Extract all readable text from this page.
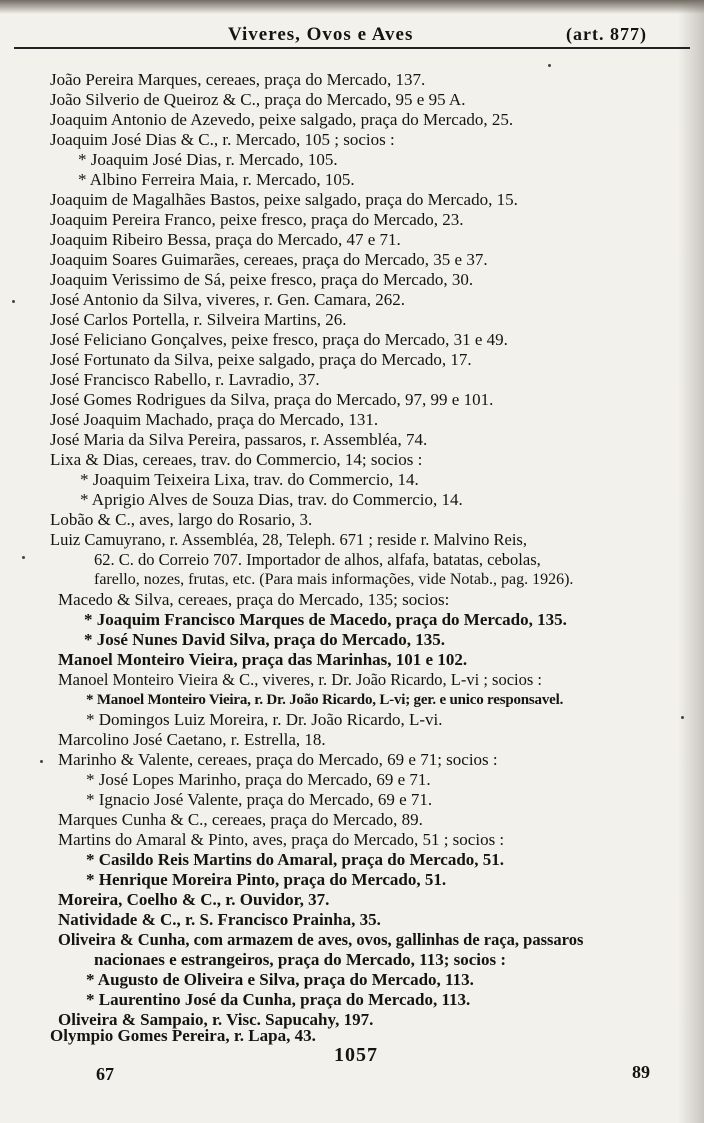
Viveres, Ovos e Aves	(art. 877)
João Pereira Marques, cereaes, praça do Mercado, 137.
João Silverio de Queiroz & C., praça do Mercado, 95 e 95 A.
Joaquim Antonio de Azevedo, peixe salgado, praça do Mercado, 25.
Joaquim José Dias & C., r. Mercado, 105 ; socios :
* Joaquim José Dias, r. Mercado, 105.
* Albino Ferreira Maia, r. Mercado, 105.
Joaquim de Magalhães Bastos, peixe salgado, praça do Mercado, 15.
Joaquim Pereira Franco, peixe fresco, praça do Mercado, 23.
Joaquim Ribeiro Bessa, praça do Mercado, 47 e 71.
Joaquim Soares Guimarães, cereaes, praça do Mercado, 35 e 37.
Joaquim Verissimo de Sá, peixe fresco, praça do Mercado, 30.
José Antonio da Silva, viveres, r. Gen. Camara, 262.
José Carlos Portella, r. Silveira Martins, 26.
José Feliciano Gonçalves, peixe fresco, praça do Mercado, 31 e 49.
José Fortunato da Silva, peixe salgado, praça do Mercado, 17.
José Francisco Rabello, r. Lavradio, 37.
José Gomes Rodrigues da Silva, praça do Mercado, 97, 99 e 101.
José Joaquim Machado, praça do Mercado, 131.
José Maria da Silva Pereira, passaros, r. Assembléa, 74.
Lixa & Dias, cereaes, trav. do Commercio, 14; socios :
* Joaquim Teixeira Lixa, trav. do Commercio, 14.
* Aprigio Alves de Souza Dias, trav. do Commercio, 14.
Lobão & C., aves, largo do Rosario, 3.
Luiz Camuyrano, r. Assembléa, 28, Teleph. 671 ; reside r. Malvino Reis,
62. C. do Correio 707. Importador de alhos, alfafa, batatas, cebolas,
farello, nozes, frutas, etc. (Para mais informações, vide Notab., pag. 1926).
Macedo & Silva, cereaes, praça do Mercado, 135; socios:
* Joaquim Francisco Marques de Macedo, praça do Mercado, 135.
* José Nunes David Silva, praça do Mercado, 135.
Manoel Monteiro Vieira, praça das Marinhas, 101 e 102.
Manoel Monteiro Vieira & C., viveres, r. Dr. João Ricardo, L-vi ; socios :
* Manoel Monteiro Vieira, r. Dr. João Ricardo, L-vi; ger. e unico responsavel.
* Domingos Luiz Moreira, r. Dr. João Ricardo, L-vi.
Marcolino José Caetano, r. Estrella, 18.
Marinho & Valente, cereaes, praça do Mercado, 69 e 71; socios :
* José Lopes Marinho, praça do Mercado, 69 e 71.
* Ignacio José Valente, praça do Mercado, 69 e 71.
Marques Cunha & C., cereaes, praça do Mercado, 89.
Martins do Amaral & Pinto, aves, praça do Mercado, 51 ; socios :
* Casildo Reis Martins do Amaral, praça do Mercado, 51.
* Henrique Moreira Pinto, praça do Mercado, 51.
Moreira, Coelho & C., r. Ouvidor, 37.
Natividade & C., r. S. Francisco Prainha, 35.
Oliveira & Cunha, com armazem de aves, ovos, gallinhas de raça, passaros
nacionaes e estrangeiros, praça do Mercado, 113; socios :
* Augusto de Oliveira e Silva, praça do Mercado, 113.
* Laurentino José da Cunha, praça do Mercado, 113.
Oliveira & Sampaio, r. Visc. Sapucahy, 197.
Olympio Gomes Pereira, r. Lapa, 43.
1057
67	89
